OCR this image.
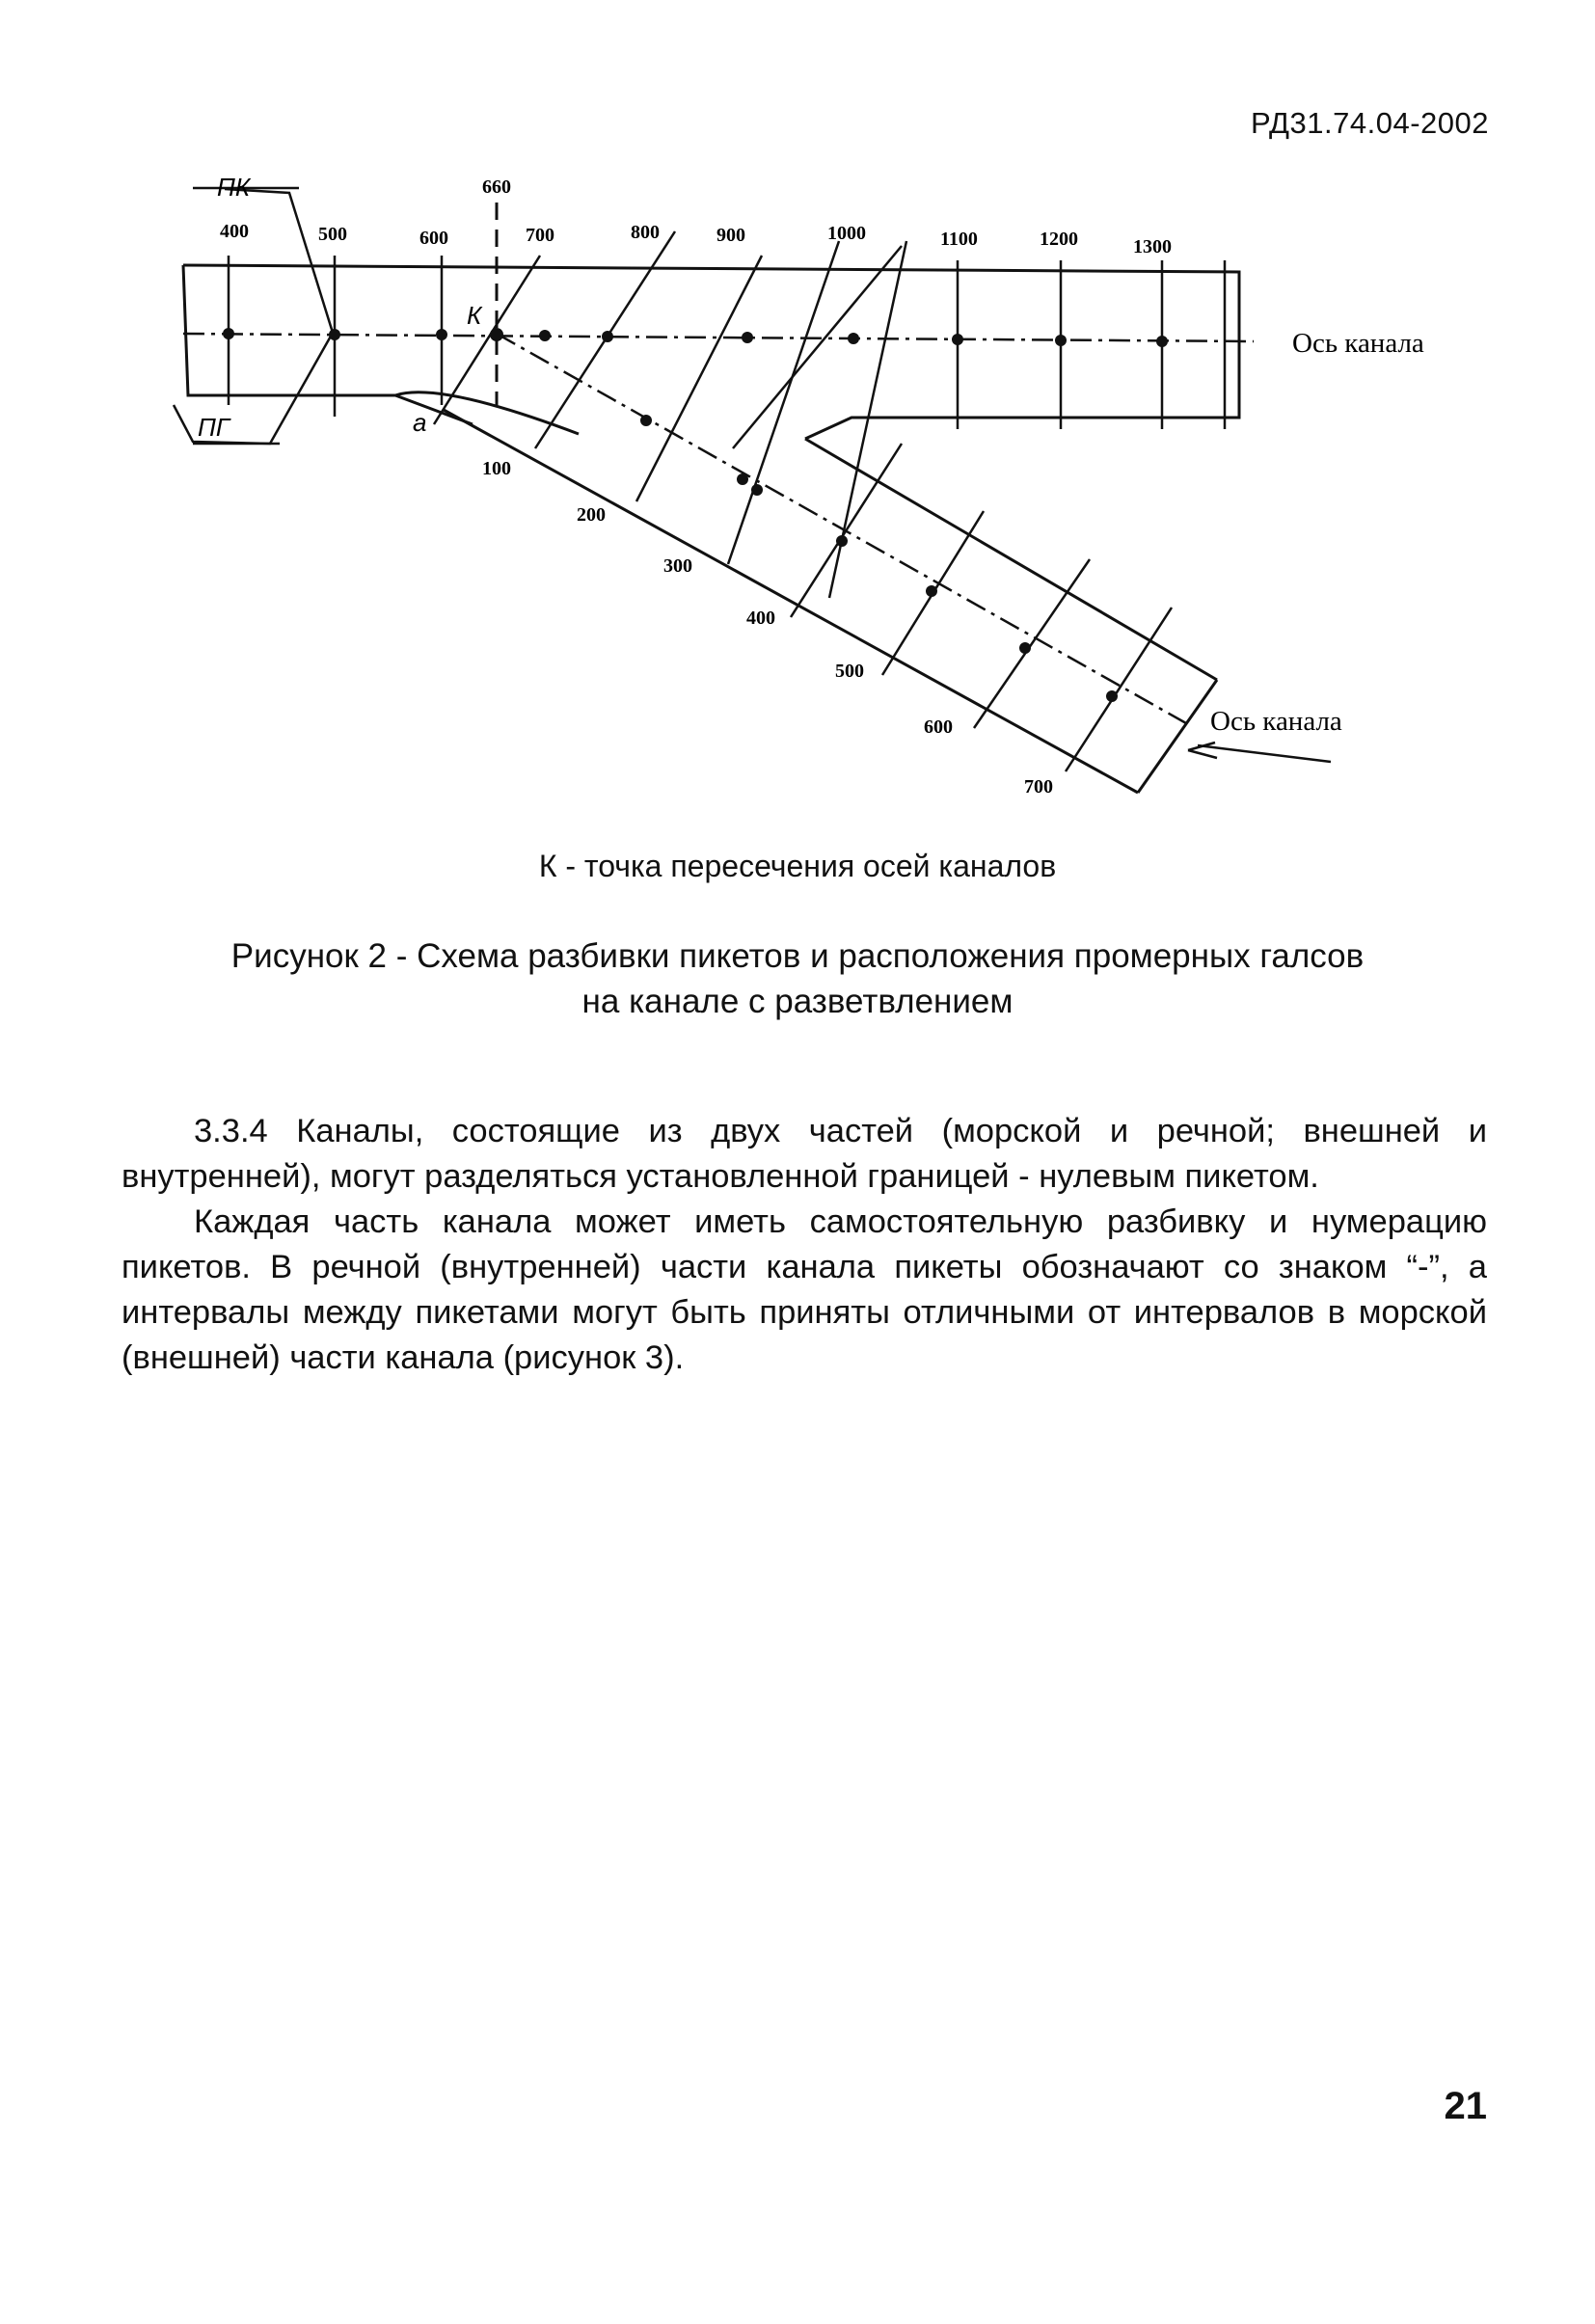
РД31.74.04-2002
ПК
ПГ
К
а
400	500	600
660
700	800	900	1000	1100	1200	1300
100
200
300
400
500
600
700
Ось канала
Ось канала
К - точка пересечения осей каналов
Рисунок 2 - Схема разбивки пикетов и расположения промерных галсов
на канале с разветвлением

3.3.4 Каналы, состоящие из двух частей (морской и речной; внешней и внутренней), могут разделяться установленной границей - нулевым пикетом.

Каждая часть канала может иметь самостоятельную разбивку и нумерацию пикетов. В речной (внутренней) части канала пикеты обозначают со знаком “-”, а интервалы между пикетами могут быть приняты отличными от интервалов в морской (внешней) части канала (рисунок 3).

21
